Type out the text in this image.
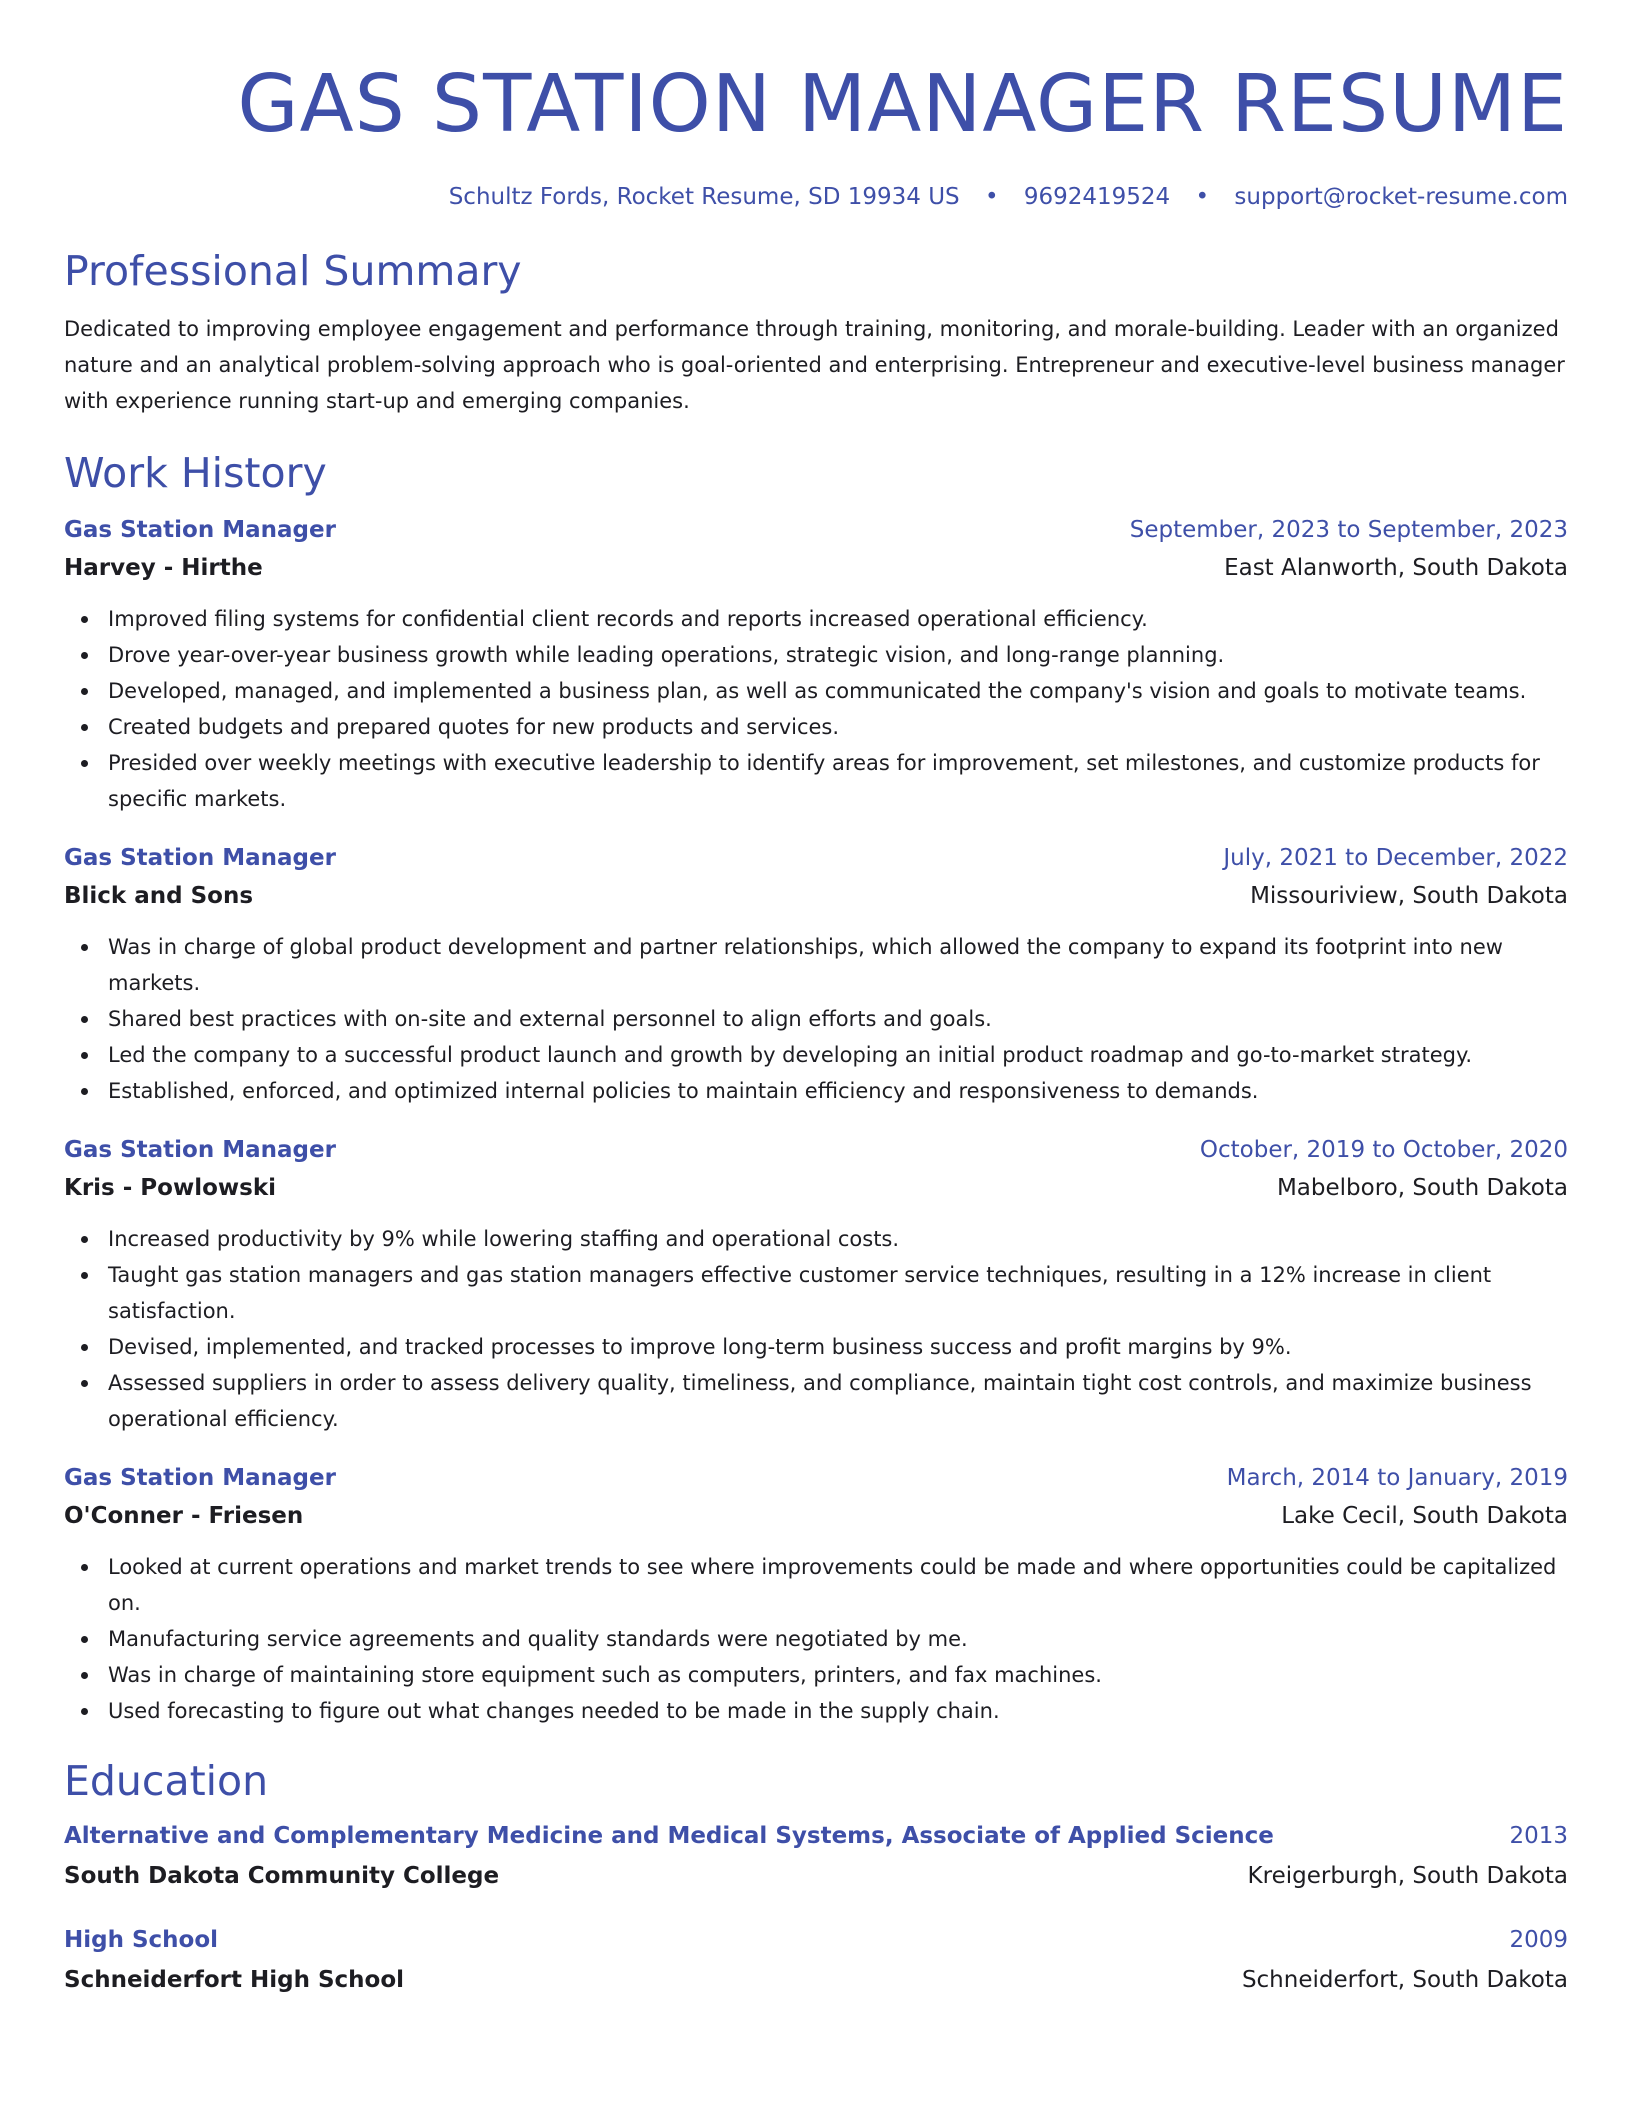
GAS STATION MANAGER RESUME
Schultz Fords, Rocket Resume, SD 19934 US • 9692419524 • support@rocket-resume.com
Professional Summary

Dedicated to improving employee engagement and performance through training, monitoring, and morale-building. Leader with an organized nature and an analytical problem-solving approach who is goal-oriented and enterprising. Entrepreneur and executive-level business manager with experience running start-up and emerging companies.

Work History
Gas Station Manager	September, 2023 to September, 2023
Harvey - Hirthe	East Alanworth, South Dakota
Improved filing systems for confidential client records and reports increased operational efficiency.
Drove year-over-year business growth while leading operations, strategic vision, and long-range planning.
Developed, managed, and implemented a business plan, as well as communicated the company's vision and goals to motivate teams.
Created budgets and prepared quotes for new products and services.
Presided over weekly meetings with executive leadership to identify areas for improvement, set milestones, and customize products for specific markets.
Gas Station Manager	July, 2021 to December, 2022
Blick and Sons	Missouriview, South Dakota
Was in charge of global product development and partner relationships, which allowed the company to expand its footprint into new markets.
Shared best practices with on-site and external personnel to align efforts and goals.
Led the company to a successful product launch and growth by developing an initial product roadmap and go-to-market strategy.
Established, enforced, and optimized internal policies to maintain efficiency and responsiveness to demands.
Gas Station Manager	October, 2019 to October, 2020
Kris - Powlowski	Mabelboro, South Dakota
Increased productivity by 9% while lowering staffing and operational costs.
Taught gas station managers and gas station managers effective customer service techniques, resulting in a 12% increase in client satisfaction.
Devised, implemented, and tracked processes to improve long-term business success and profit margins by 9%.
Assessed suppliers in order to assess delivery quality, timeliness, and compliance, maintain tight cost controls, and maximize business operational efficiency.
Gas Station Manager	March, 2014 to January, 2019
O'Conner - Friesen	Lake Cecil, South Dakota
Looked at current operations and market trends to see where improvements could be made and where opportunities could be capitalized on.
Manufacturing service agreements and quality standards were negotiated by me.
Was in charge of maintaining store equipment such as computers, printers, and fax machines.
Used forecasting to figure out what changes needed to be made in the supply chain.
Education
Alternative and Complementary Medicine and Medical Systems, Associate of Applied Science	2013
South Dakota Community College	Kreigerburgh, South Dakota
High School	2009
Schneiderfort High School	Schneiderfort, South Dakota
